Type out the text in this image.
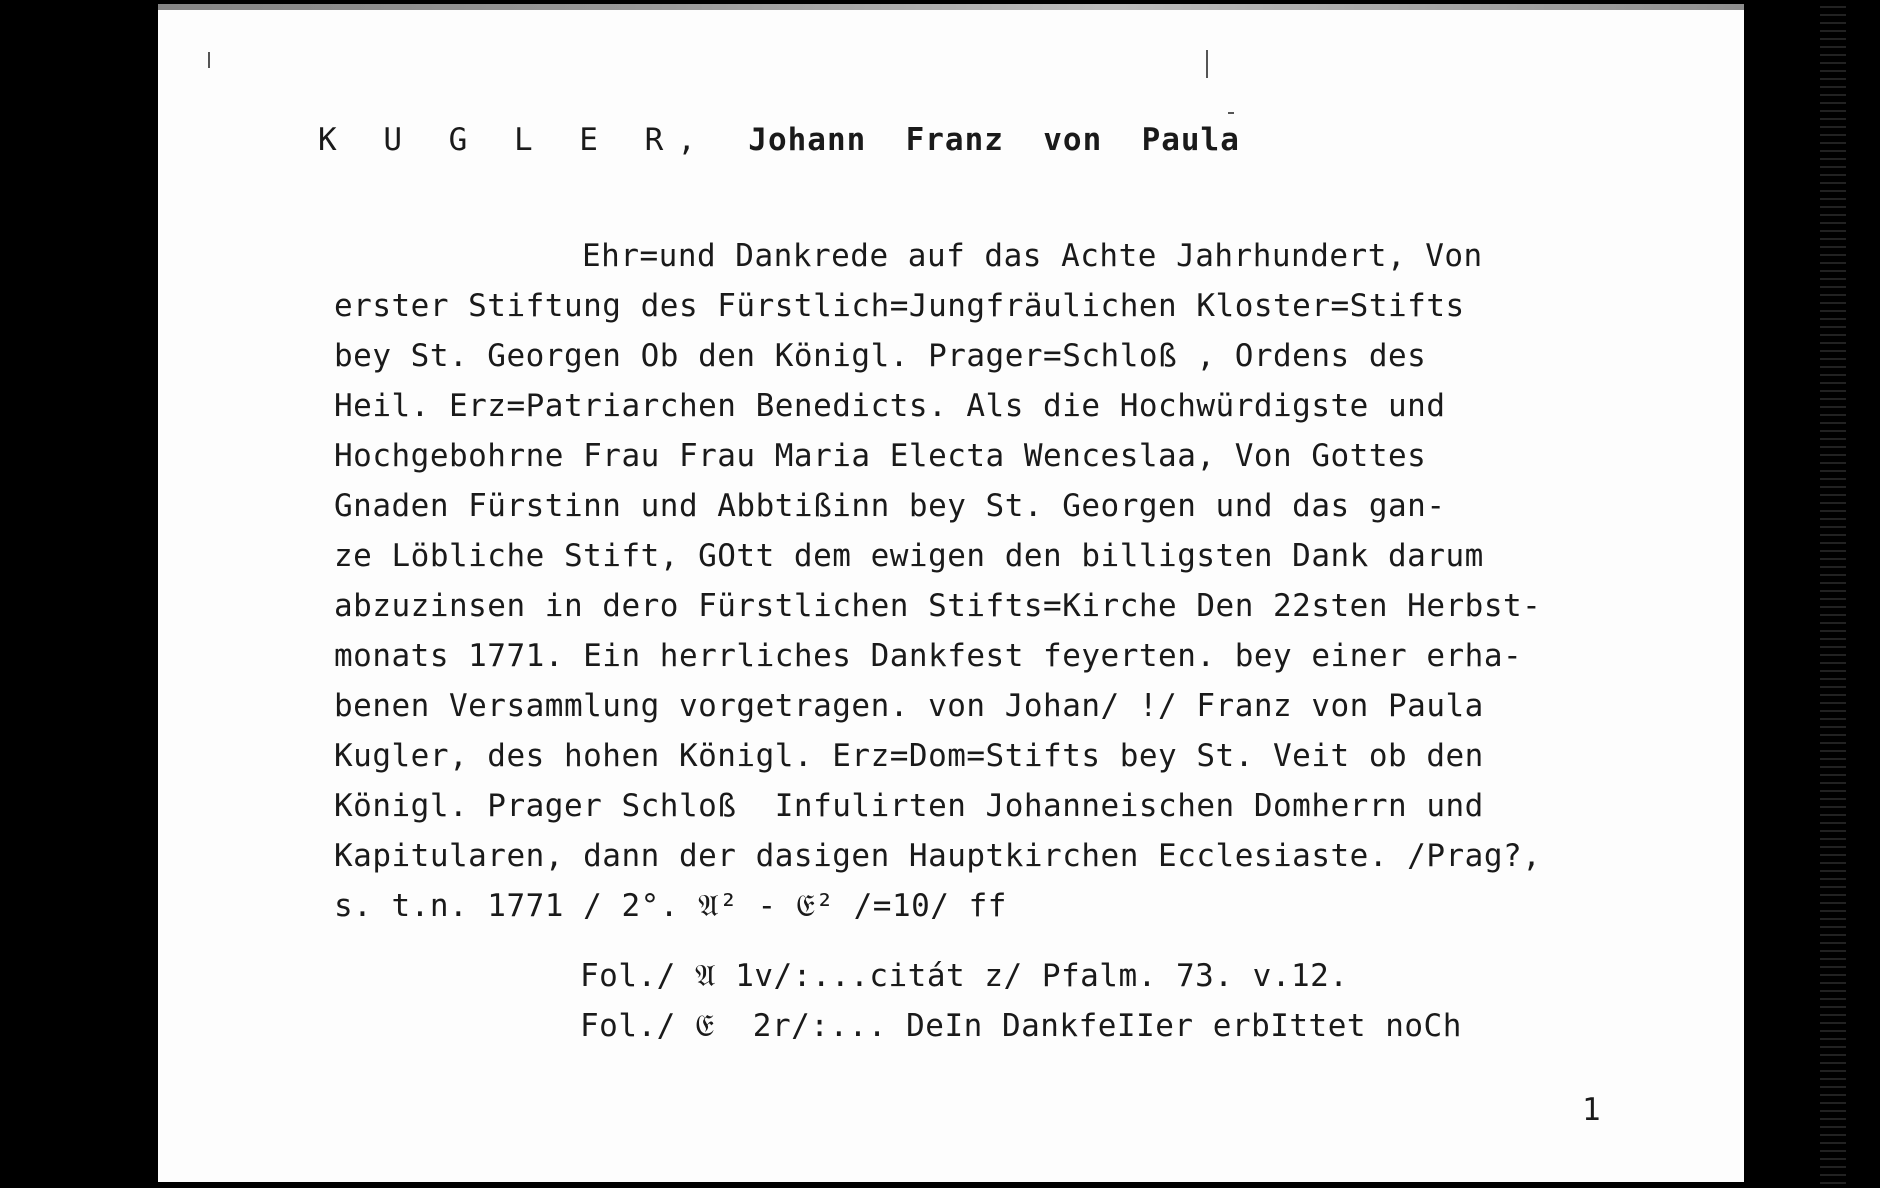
K U G L E R, Johann  Franz  von  Paula
Ehr=und Dankrede auf das Achte Jahrhundert, Von
erster Stiftung des Fürstlich=Jungfräulichen Kloster=Stifts
bey St. Georgen Ob den Königl. Prager=Schloß , Ordens des
Heil. Erz=Patriarchen Benedicts. Als die Hochwürdigste und
Hochgebohrne Frau Frau Maria Electa Wenceslaa, Von Gottes
Gnaden Fürstinn und Abbtißinn bey St. Georgen und das gan-
ze Löbliche Stift, GOtt dem ewigen den billigsten Dank darum
abzuzinsen in dero Fürstlichen Stifts=Kirche Den 22sten Herbst-
monats 1771. Ein herrliches Dankfest feyerten. bey einer erha-
benen Versammlung vorgetragen. von Johan/ !/ Franz von Paula
Kugler, des hohen Königl. Erz=Dom=Stifts bey St. Veit ob den
Königl. Prager Schloß  Infulirten Johanneischen Domherrn und
Kapitularen, dann der dasigen Hauptkirchen Ecclesiaste. /Prag?,
s. t.n. 1771 / 2°. 𝔄² - 𝔈² /=10/ ff
Fol./ 𝔄 1v/:...citát z/ Pfalm. 73. v.12.
Fol./ 𝔈  2r/:... DeIn DankfeIIer erbIttet noCh
1
